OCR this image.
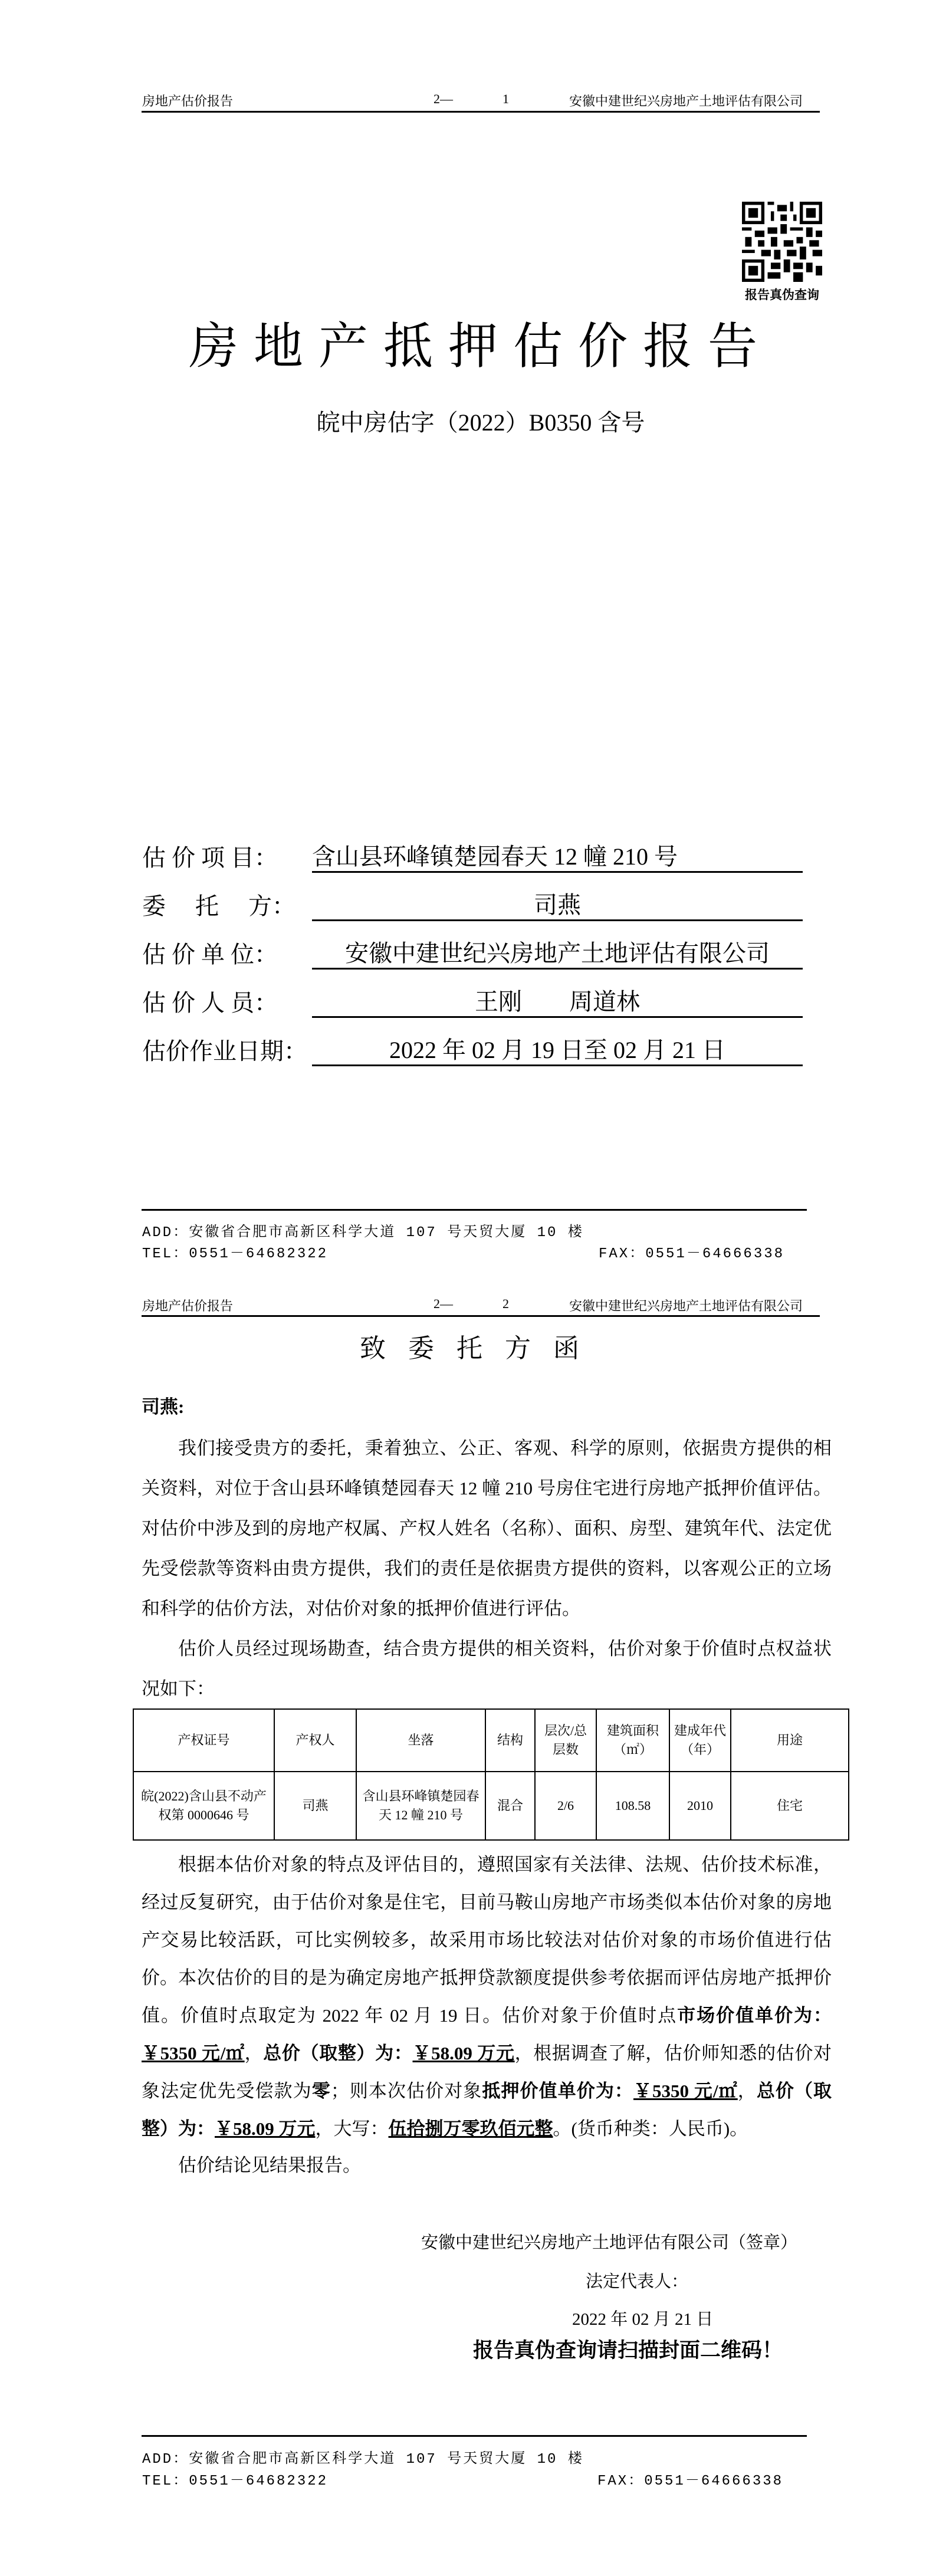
房地产估价报告	2—	1	安徽中建世纪兴房地产土地评估有限公司
报告真伪查询
房地产抵押估价报告
皖中房估字（2022）B0350 含号
估 价 项 目：	含山县环峰镇楚园春天 12 幢 210 号
委　 托　 方：	司燕
估 价 单 位：	安徽中建世纪兴房地产土地评估有限公司
估 价 人 员：	王刚　　周道林
估价作业日期：	2022 年 02 月 19 日至 02 月 21 日
ADD：安徽省合肥市高新区科学大道 107 号天贸大厦 10 楼
TEL：0551－64682322	FAX：0551－64666338
房地产估价报告	2—	2	安徽中建世纪兴房地产土地评估有限公司
致委托方函
司燕:
我们接受贵方的委托，秉着独立、公正、客观、科学的原则，依据贵方提供的相关资料，对位于含山县环峰镇楚园春天 12 幢 210 号房住宅进行房地产抵押价值评估。对估价中涉及到的房地产权属、产权人姓名（名称）、面积、房型、建筑年代、法定优先受偿款等资料由贵方提供，我们的责任是依据贵方提供的资料，以客观公正的立场和科学的估价方法，对估价对象的抵押价值进行评估。
估价人员经过现场勘查，结合贵方提供的相关资料，估价对象于价值时点权益状况如下：
产权证号	产权人	坐落	结构	层次/总层数	建筑面积（㎡）	建成年代（年）	用途
皖(2022)含山县不动产权第 0000646 号	司燕	含山县环峰镇楚园春天 12 幢 210 号	混合	2/6	108.58	2010	住宅
根据本估价对象的特点及评估目的，遵照国家有关法律、法规、估价技术标准，经过反复研究，由于估价对象是住宅，目前马鞍山房地产市场类似本估价对象的房地产交易比较活跃，可比实例较多，故采用市场比较法对估价对象的市场价值进行估价。 本次估价的目的是为确定房地产抵押贷款额度提供参考依据而评估房地产抵押价值。价值时点取定为 2022 年 02 月 19 日。估价对象于价值时点市场价值单价为：￥5350 元/㎡，总价（取整）为：￥58.09 万元，根据调查了解，估价师知悉的估价对象法定优先受偿款为零；则本次估价对象抵押价值单价为：￥5350 元/㎡，总价（取整）为：￥58.09 万元，大写：伍拾捌万零玖佰元整。(货币种类：人民币)。
估价结论见结果报告。
安徽中建世纪兴房地产土地评估有限公司（签章）
法定代表人：
2022 年 02 月 21 日
报告真伪查询请扫描封面二维码！
ADD：安徽省合肥市高新区科学大道 107 号天贸大厦 10 楼
TEL：0551－64682322	FAX：0551－64666338
